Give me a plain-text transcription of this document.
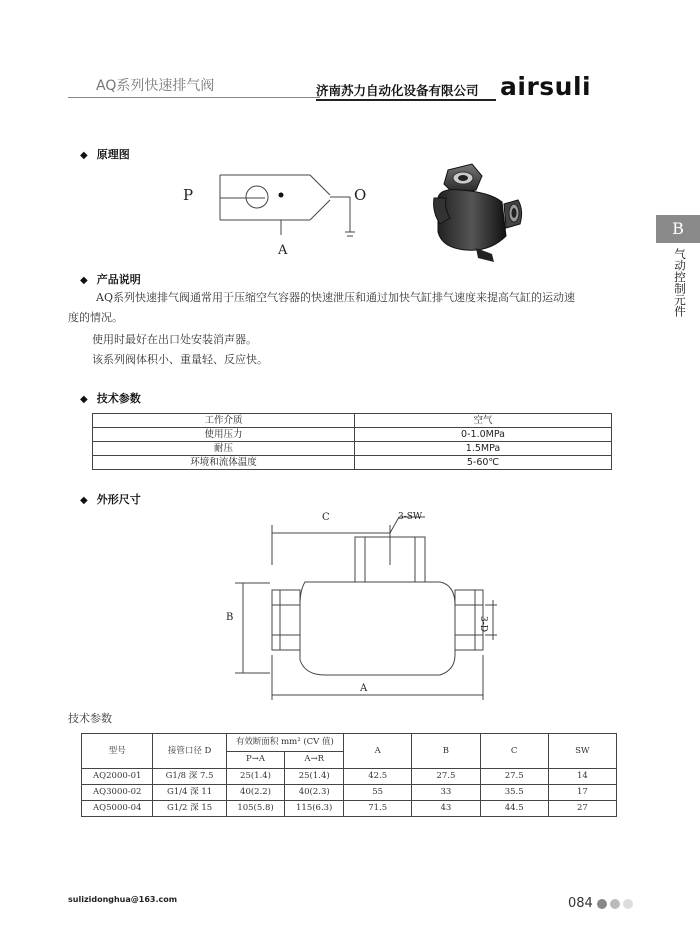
AQ系列快速排气阀	济南苏力自动化设备有限公司 airsuli
B
气动控制元件
◆ 原理图
P	O
A
◆ 产品说明
AQ系列快速排气阀通常用于压缩空气容器的快速泄压和通过加快气缸排气速度来提高气缸的运动速
度的情况。
使用时最好在出口处安装消声器。
该系列阀体积小、重量轻、反应快。
◆ 技术参数
工作介质	空气
使用压力	0-1.0MPa
耐压	1.5MPa
环境和流体温度	5-60℃
◆ 外形尺寸
C	3-SW
B	3-D
A
技术参数
型号	接管口径 D	有效断面积 mm² (CV 值)		A	B	C	SW
		P→A	A→R				
AQ2000-01	G1/8 深 7.5	25(1.4)	25(1.4)	42.5	27.5	27.5	14
AQ3000-02	G1/4 深 11	40(2.2)	40(2.3)	55	33	35.5	17
AQ5000-04	G1/2 深 15	105(5.8)	115(6.3)	71.5	43	44.5	27
sulizidonghua@163.com	084
